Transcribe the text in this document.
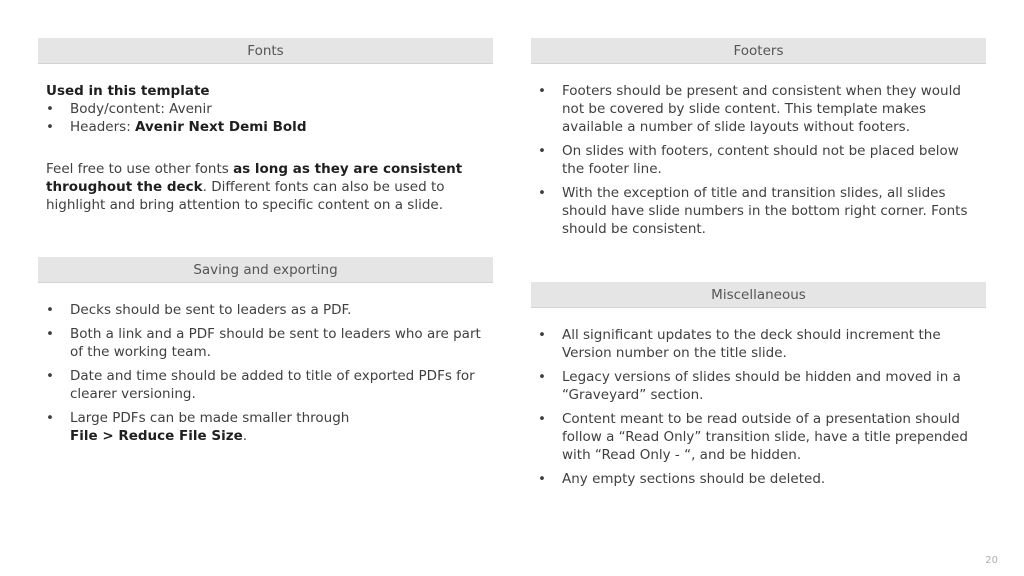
Fonts
Used in this template
• Body/content: Avenir
• Headers: Avenir Next Demi Bold
Feel free to use other fonts as long as they are consistent throughout the deck. Different fonts can also be used to highlight and bring attention to specific content on a slide.
Saving and exporting
• Decks should be sent to leaders as a PDF.
• Both a link and a PDF should be sent to leaders who are part of the working team.
• Date and time should be added to title of exported PDFs for clearer versioning.
• Large PDFs can be made smaller through
File > Reduce File Size.
Footers
• Footers should be present and consistent when they would not be covered by slide content. This template makes available a number of slide layouts without footers.
• On slides with footers, content should not be placed below the footer line.
• With the exception of title and transition slides, all slides should have slide numbers in the bottom right corner. Fonts should be consistent.
Miscellaneous
• All significant updates to the deck should increment the Version number on the title slide.
• Legacy versions of slides should be hidden and moved in a “Graveyard” section.
• Content meant to be read outside of a presentation should follow a “Read Only” transition slide, have a title prepended with “Read Only - “, and be hidden.
• Any empty sections should be deleted.
20
